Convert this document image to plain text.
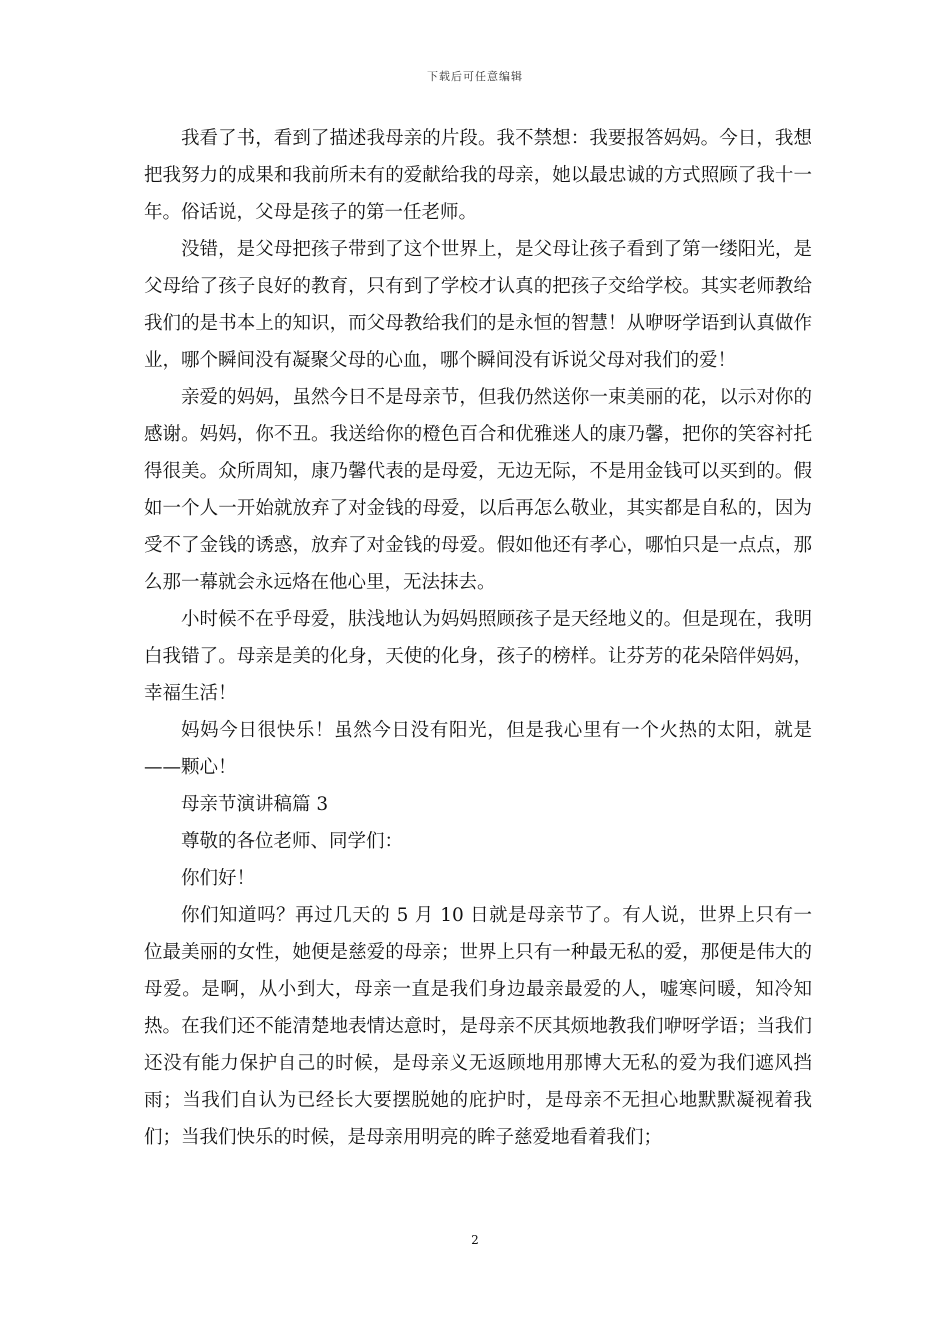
下载后可任意编辑

我看了书，看到了描述我母亲的片段。我不禁想：我要报答妈妈。今日，我想把我努力的成果和我前所未有的爱献给我的母亲，她以最忠诚的方式照顾了我十一年。俗话说，父母是孩子的第一任老师。

没错，是父母把孩子带到了这个世界上，是父母让孩子看到了第一缕阳光，是父母给了孩子良好的教育，只有到了学校才认真的把孩子交给学校。其实老师教给我们的是书本上的知识，而父母教给我们的是永恒的智慧！从咿呀学语到认真做作业，哪个瞬间没有凝聚父母的心血，哪个瞬间没有诉说父母对我们的爱！

亲爱的妈妈，虽然今日不是母亲节，但我仍然送你一束美丽的花，以示对你的感谢。妈妈，你不丑。我送给你的橙色百合和优雅迷人的康乃馨，把你的笑容衬托得很美。众所周知，康乃馨代表的是母爱，无边无际，不是用金钱可以买到的。假如一个人一开始就放弃了对金钱的母爱，以后再怎么敬业，其实都是自私的，因为受不了金钱的诱惑，放弃了对金钱的母爱。假如他还有孝心，哪怕只是一点点，那么那一幕就会永远烙在他心里，无法抹去。

小时候不在乎母爱，肤浅地认为妈妈照顾孩子是天经地义的。但是现在，我明白我错了。母亲是美的化身，天使的化身，孩子的榜样。让芬芳的花朵陪伴妈妈，幸福生活！

妈妈今日很快乐！虽然今日没有阳光，但是我心里有一个火热的太阳，就是——颗心！

母亲节演讲稿篇 3

尊敬的各位老师、同学们：

你们好！

你们知道吗？再过几天的 5 月 10 日就是母亲节了。有人说，世界上只有一位最美丽的女性，她便是慈爱的母亲；世界上只有一种最无私的爱，那便是伟大的母爱。是啊，从小到大，母亲一直是我们身边最亲最爱的人，嘘寒问暖，知冷知热。在我们还不能清楚地表情达意时，是母亲不厌其烦地教我们咿呀学语；当我们还没有能力保护自己的时候，是母亲义无返顾地用那博大无私的爱为我们遮风挡雨；当我们自认为已经长大要摆脱她的庇护时，是母亲不无担心地默默凝视着我们；当我们快乐的时候，是母亲用明亮的眸子慈爱地看着我们；

2
